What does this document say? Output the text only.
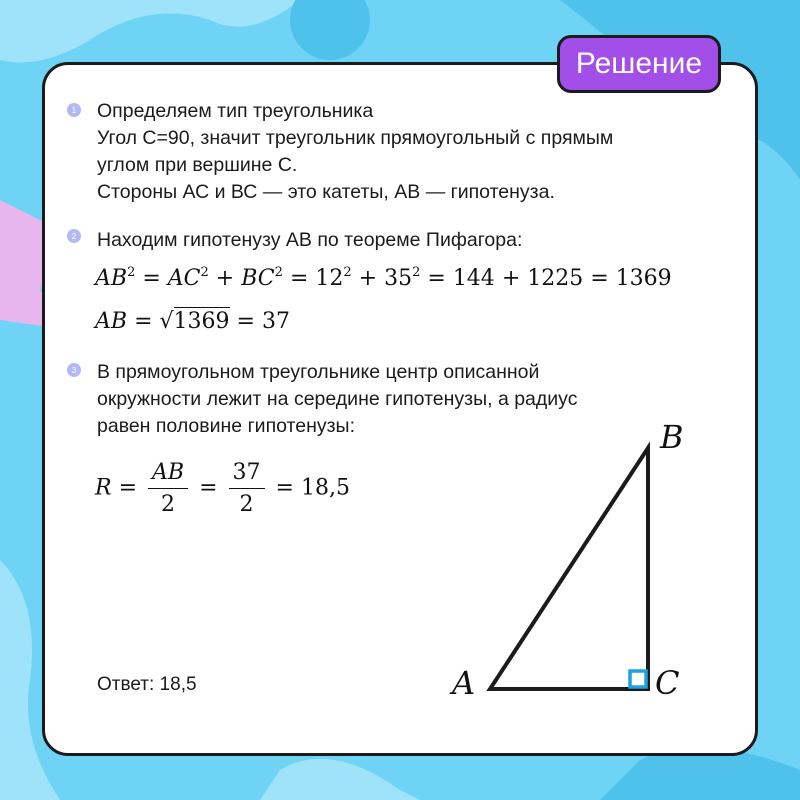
Решение
1 Определяем тип треугольника
Угол С=90, значит треугольник прямоугольный с прямым
углом при вершине С.
Стороны АС и ВС — это катеты, АВ — гипотенуза.
2 Находим гипотенузу АВ по теореме Пифагора:
$AB^2 = AC^2 + BC^2 = 12^2 + 35^2 = 144 + 1225 = 1369$
AB = √1369 = 37
3 В прямоугольном треугольнике центр описанной
окружности лежит на середине гипотенузы, а радиус
равен половине гипотенузы:
$R = \frac{AB}{2} = \frac{37}{2} = 18,5$
Ответ: 18,5
B
A	C
